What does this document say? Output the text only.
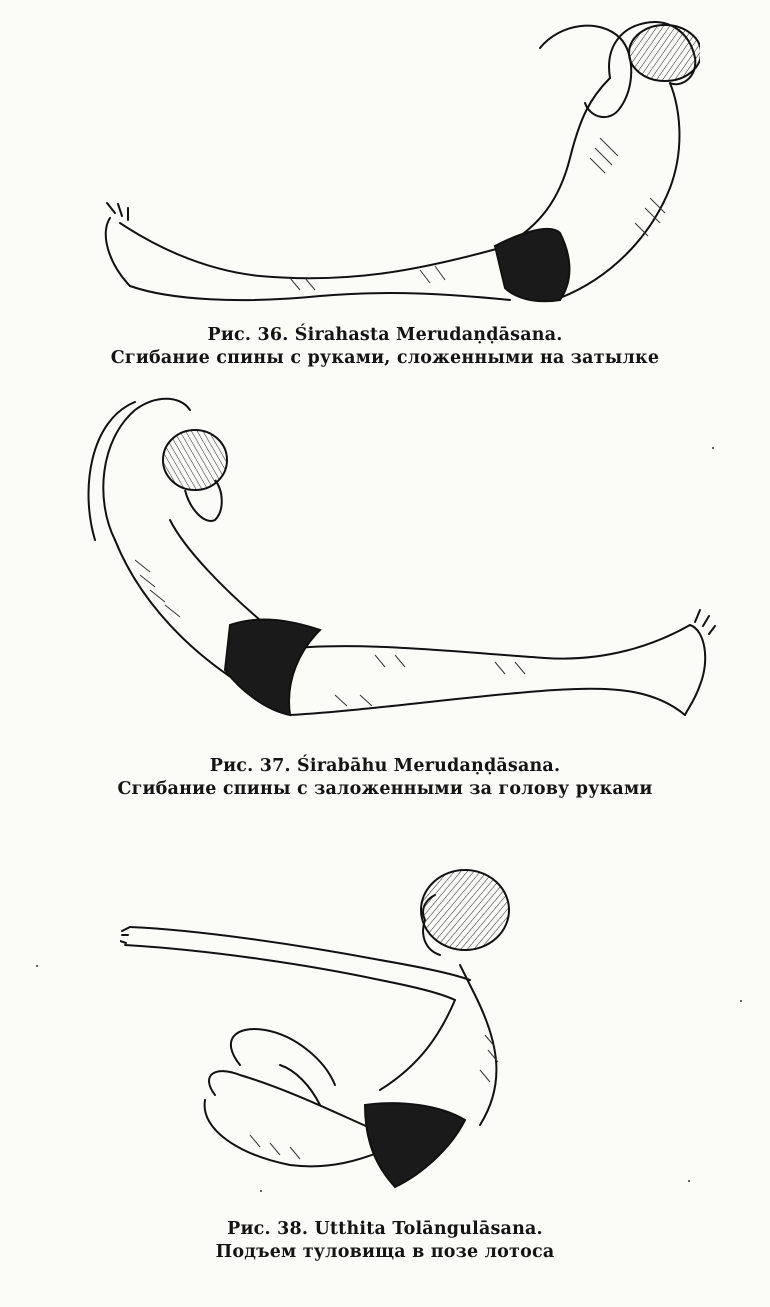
Рис. 36. Śirahasta Merudaṇḍāsana.
Сгибание спины с руками, сложенными на затылке
Рис. 37. Śirabāhu Merudaṇḍāsana.
Сгибание спины с заложенными за голову руками
Рис. 38. Utthita Tolāngulāsana.
Подъем туловища в позе лотоса
